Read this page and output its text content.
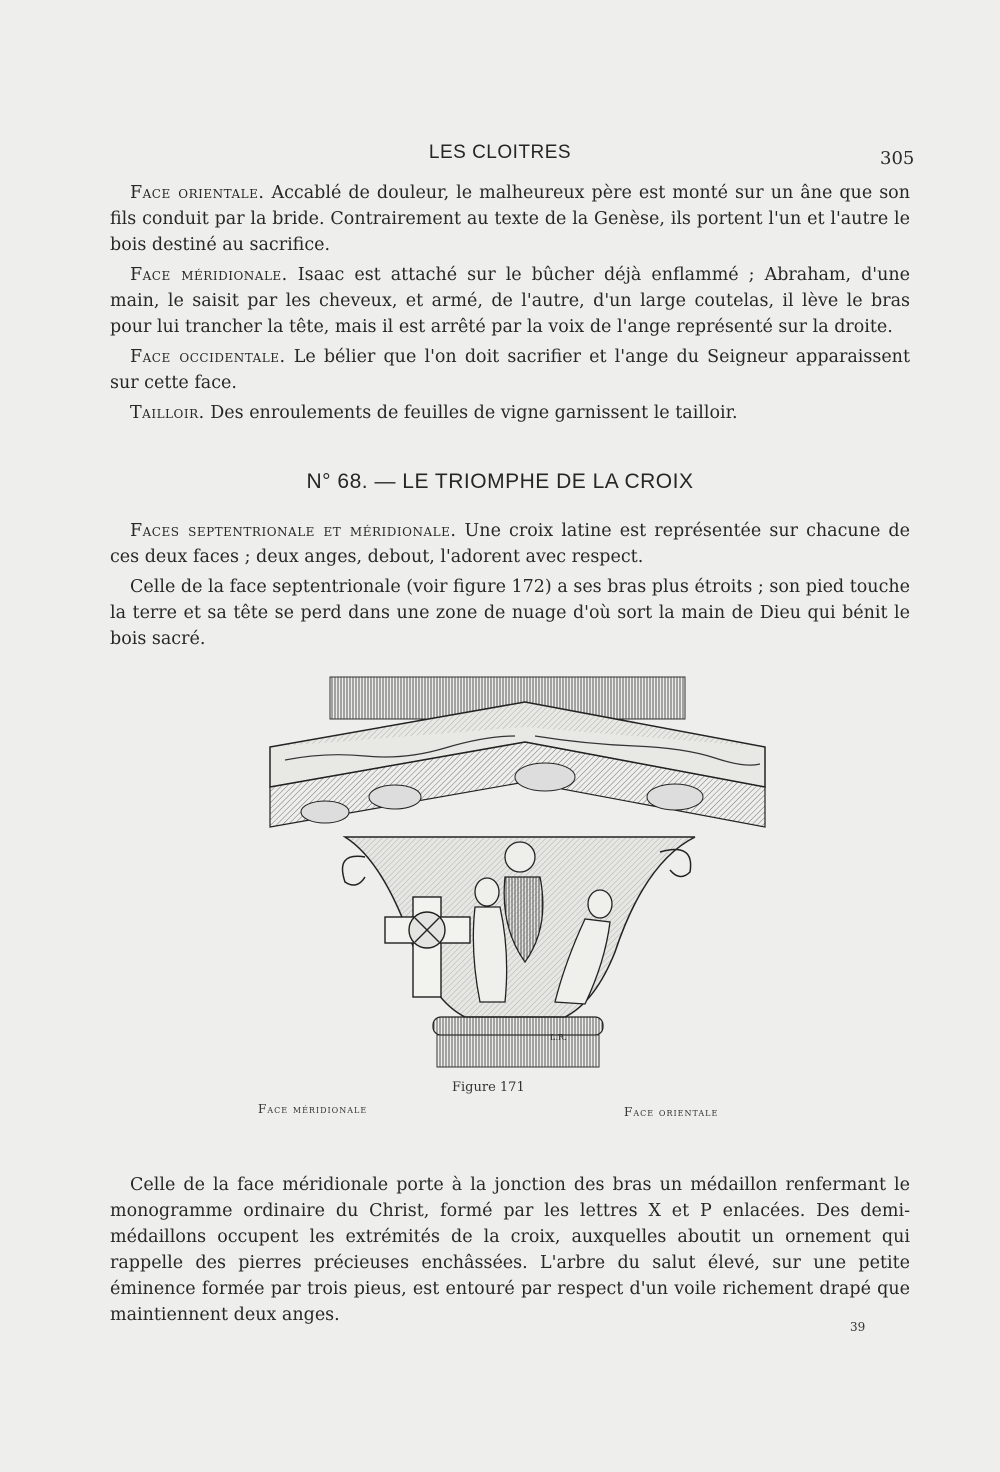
LES CLOITRES	305

Face orientale. Accablé de douleur, le malheureux père est monté sur un âne que son fils conduit par la bride. Contrairement au texte de la Genèse, ils portent l'un et l'autre le bois destiné au sacrifice.

Face méridionale. Isaac est attaché sur le bûcher déjà enflammé ; Abraham, d'une main, le saisit par les cheveux, et armé, de l'autre, d'un large coutelas, il lève le bras pour lui trancher la tête, mais il est arrêté par la voix de l'ange représenté sur la droite.

Face occidentale. Le bélier que l'on doit sacrifier et l'ange du Seigneur apparaissent sur cette face.

Tailloir. Des enroulements de feuilles de vigne garnissent le tailloir.

N° 68. — LE TRIOMPHE DE LA CROIX

Faces septentrionale et méridionale. Une croix latine est représentée sur chacune de ces deux faces ; deux anges, debout, l'adorent avec respect.

Celle de la face septentrionale (voir figure 172) a ses bras plus étroits ; son pied touche la terre et sa tête se perd dans une zone de nuage d'où sort la main de Dieu qui bénit le bois sacré.

L.R.
Figure 171
Face méridionale	Face orientale

Celle de la face méridionale porte à la jonction des bras un médaillon renfermant le monogramme ordinaire du Christ, formé par les lettres X et P enlacées. Des demi-médaillons occupent les extrémités de la croix, auxquelles aboutit un ornement qui rappelle des pierres précieuses enchâssées. L'arbre du salut élevé, sur une petite éminence formée par trois pieus, est entouré par respect d'un voile richement drapé que maintiennent deux anges.

39
